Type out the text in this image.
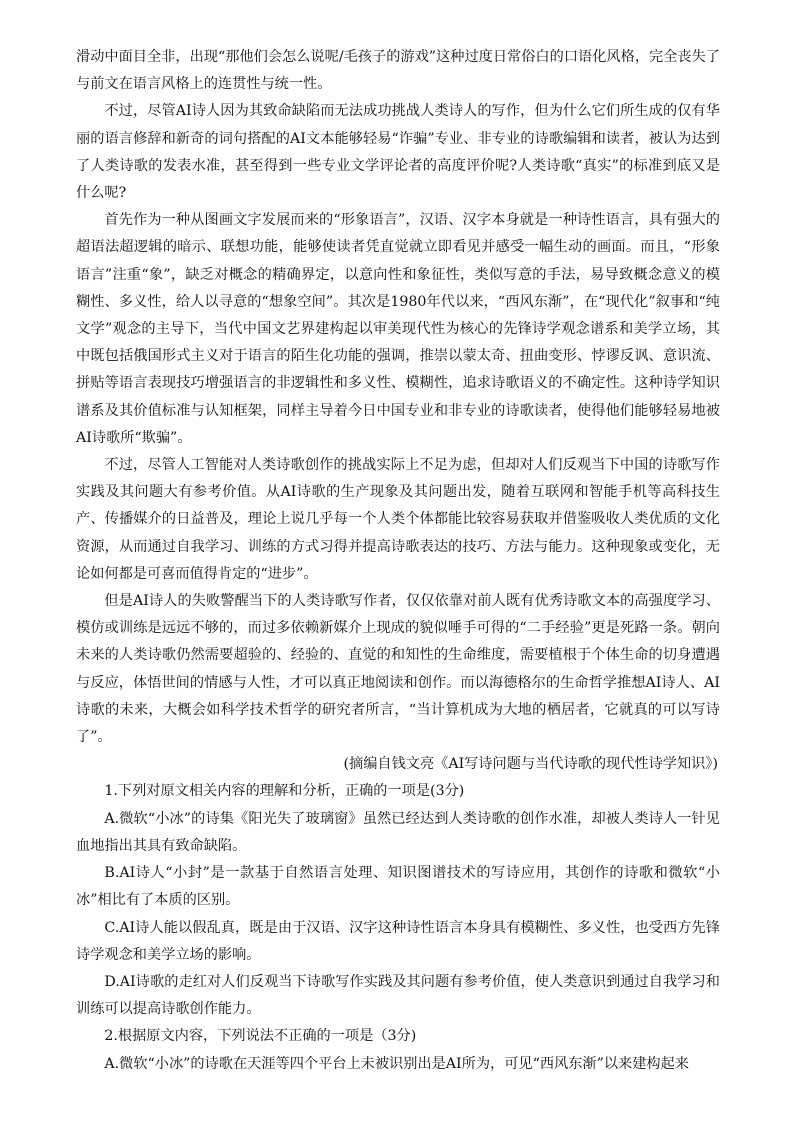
滑动中面目全非，出现“那他们会怎么说呢/毛孩子的游戏”这种过度日常俗白的口语化风格，完全丧失了与前文在语言风格上的连贯性与统一性。

不过，尽管AI诗人因为其致命缺陷而无法成功挑战人类诗人的写作，但为什么它们所生成的仅有华丽的语言修辞和新奇的词句搭配的AI文本能够轻易“诈骗”专业、非专业的诗歌编辑和读者，被认为达到了人类诗歌的发表水准，甚至得到一些专业文学评论者的高度评价呢?人类诗歌“真实”的标准到底又是什么呢?

首先作为一种从图画文字发展而来的“形象语言”，汉语、汉字本身就是一种诗性语言，具有强大的超语法超逻辑的暗示、联想功能，能够使读者凭直觉就立即看见并感受一幅生动的画面。而且，“形象语言”注重“象”，缺乏对概念的精确界定，以意向性和象征性，类似写意的手法，易导致概念意义的模糊性、多义性，给人以寻意的“想象空间”。其次是1980年代以来，“西风东渐”，在“现代化”叙事和“纯文学”观念的主导下，当代中国文艺界建构起以审美现代性为核心的先锋诗学观念谱系和美学立场，其中既包括俄国形式主义对于语言的陌生化功能的强调，推崇以蒙太奇、扭曲变形、悖谬反讽、意识流、拼贴等语言表现技巧增强语言的非逻辑性和多义性、模糊性，追求诗歌语义的不确定性。这种诗学知识谱系及其价值标准与认知框架，同样主导着今日中国专业和非专业的诗歌读者，使得他们能够轻易地被AI诗歌所“欺骗”。

不过，尽管人工智能对人类诗歌创作的挑战实际上不足为虑，但却对人们反观当下中国的诗歌写作实践及其问题大有参考价值。从AI诗歌的生产现象及其问题出发，随着互联网和智能手机等高科技生产、传播媒介的日益普及，理论上说几乎每一个人类个体都能比较容易获取并借鉴吸收人类优质的文化资源，从而通过自我学习、训练的方式习得并提高诗歌表达的技巧、方法与能力。这种现象或变化，无论如何都是可喜而值得肯定的“进步”。

但是AI诗人的失败警醒当下的人类诗歌写作者，仅仅依靠对前人既有优秀诗歌文本的高强度学习、模仿或训练是远远不够的，而过多依赖新媒介上现成的貌似唾手可得的“二手经验”更是死路一条。朝向未来的人类诗歌仍然需要超验的、经验的、直觉的和知性的生命维度，需要植根于个体生命的切身遭遇与反应，体悟世间的情感与人性，才可以真正地阅读和创作。而以海德格尔的生命哲学推想AI诗人、AI诗歌的未来，大概会如科学技术哲学的研究者所言，“当计算机成为大地的栖居者，它就真的可以写诗了”。

(摘编自钱文亮《AI写诗问题与当代诗歌的现代性诗学知识》)

1.下列对原文相关内容的理解和分析，正确的一项是(3分)

A.微软“小冰”的诗集《阳光失了玻璃窗》虽然已经达到人类诗歌的创作水准，却被人类诗人一针见血地指出其具有致命缺陷。

B.AI诗人“小封”是一款基于自然语言处理、知识图谱技术的写诗应用，其创作的诗歌和微软“小冰”相比有了本质的区别。

C.AI诗人能以假乱真，既是由于汉语、汉字这种诗性语言本身具有模糊性、多义性，也受西方先锋诗学观念和美学立场的影响。

D.AI诗歌的走红对人们反观当下诗歌写作实践及其问题有参考价值，使人类意识到通过自我学习和训练可以提高诗歌创作能力。

2.根据原文内容，下列说法不正确的一项是（3分)

A.微软“小冰”的诗歌在天涯等四个平台上未被识别出是AI所为，可见“西风东渐”以来建构起来
